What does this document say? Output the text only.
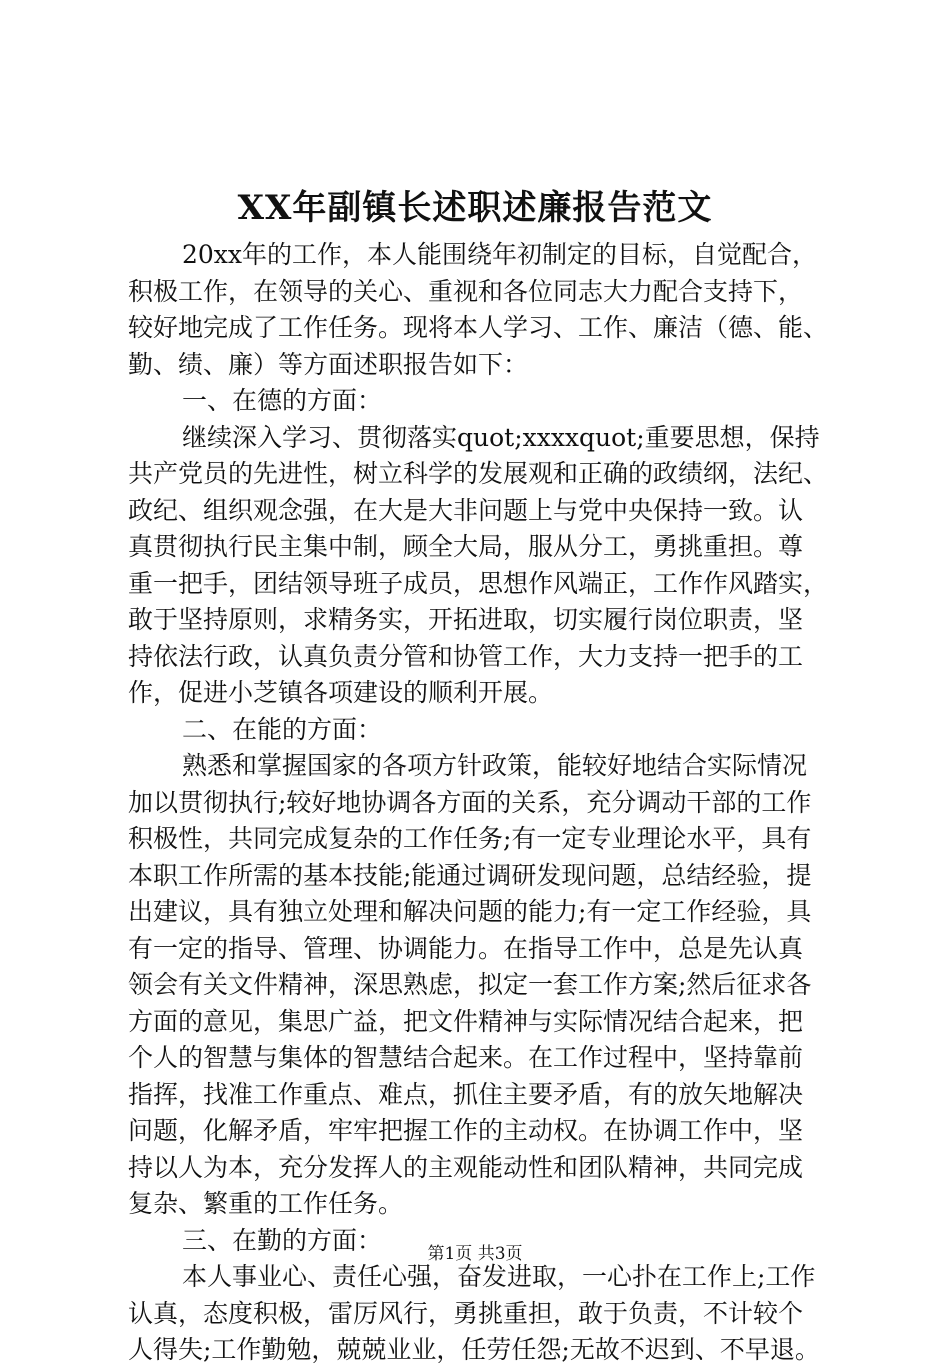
XX年副镇长述职述廉报告范文
20xx年的工作，本人能围绕年初制定的目标，自觉配合，
积极工作，在领导的关心、重视和各位同志大力配合支持下，
较好地完成了工作任务。现将本人学习、工作、廉洁（德、能、
勤、绩、廉）等方面述职报告如下：
一、在德的方面：
继续深入学习、贯彻落实quot;xxxxquot;重要思想，保持
共产党员的先进性，树立科学的发展观和正确的政绩纲，法纪、
政纪、组织观念强，在大是大非问题上与党中央保持一致。认
真贯彻执行民主集中制，顾全大局，服从分工，勇挑重担。尊
重一把手，团结领导班子成员，思想作风端正，工作作风踏实，
敢于坚持原则，求精务实，开拓进取，切实履行岗位职责，坚
持依法行政，认真负责分管和协管工作，大力支持一把手的工
作，促进小芝镇各项建设的顺利开展。
二、在能的方面：
熟悉和掌握国家的各项方针政策，能较好地结合实际情况
加以贯彻执行;较好地协调各方面的关系，充分调动干部的工作
积极性，共同完成复杂的工作任务;有一定专业理论水平，具有
本职工作所需的基本技能;能通过调研发现问题，总结经验，提
出建议，具有独立处理和解决问题的能力;有一定工作经验，具
有一定的指导、管理、协调能力。在指导工作中，总是先认真
领会有关文件精神，深思熟虑，拟定一套工作方案;然后征求各
方面的意见，集思广益，把文件精神与实际情况结合起来，把
个人的智慧与集体的智慧结合起来。在工作过程中，坚持靠前
指挥，找准工作重点、难点，抓住主要矛盾，有的放矢地解决
问题，化解矛盾，牢牢把握工作的主动权。在协调工作中，坚
持以人为本，充分发挥人的主观能动性和团队精神，共同完成
复杂、繁重的工作任务。
三、在勤的方面：
本人事业心、责任心强，奋发进取，一心扑在工作上;工作
认真，态度积极，雷厉风行，勇挑重担，敢于负责，不计较个
人得失;工作勤勉，兢兢业业，任劳任怨;无故不迟到、不早退。
第1页 共3页
